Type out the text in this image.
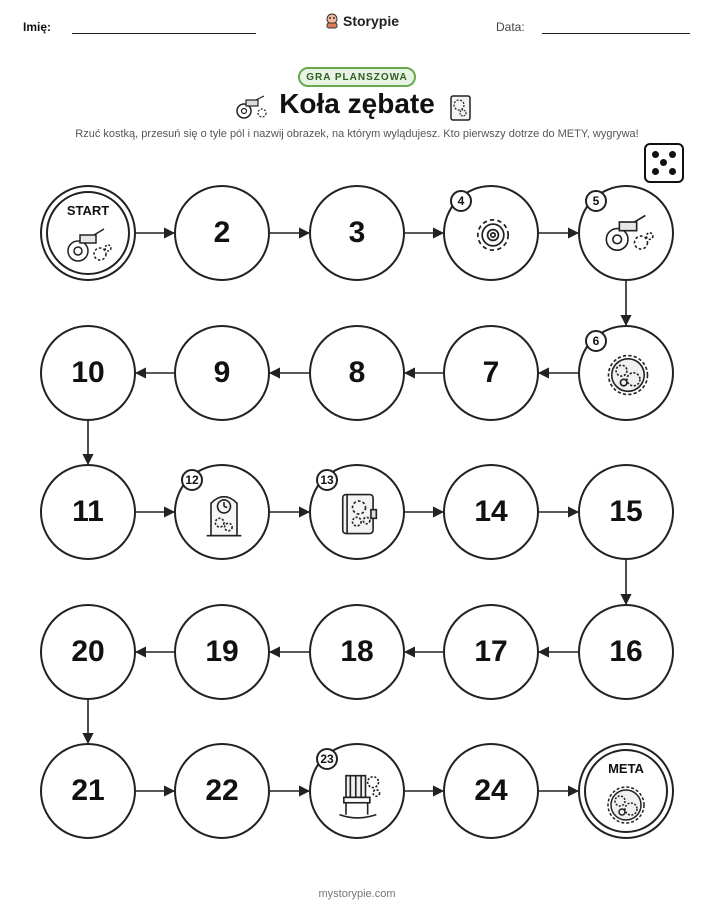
Imię:	Storypie	Data:
GRA PLANSZOWA
Koła zębate
Rzuć kostką, przesuń się o tyle pól i nazwij obrazek, na którym wylądujesz. Kto pierwszy dotrze do METY, wygrywa!
START
2	3
4	5
6
7
8
9
10
11
12	13
14	15
16
17
18
19
20
21	22
23
24
META
mystorypie.com
